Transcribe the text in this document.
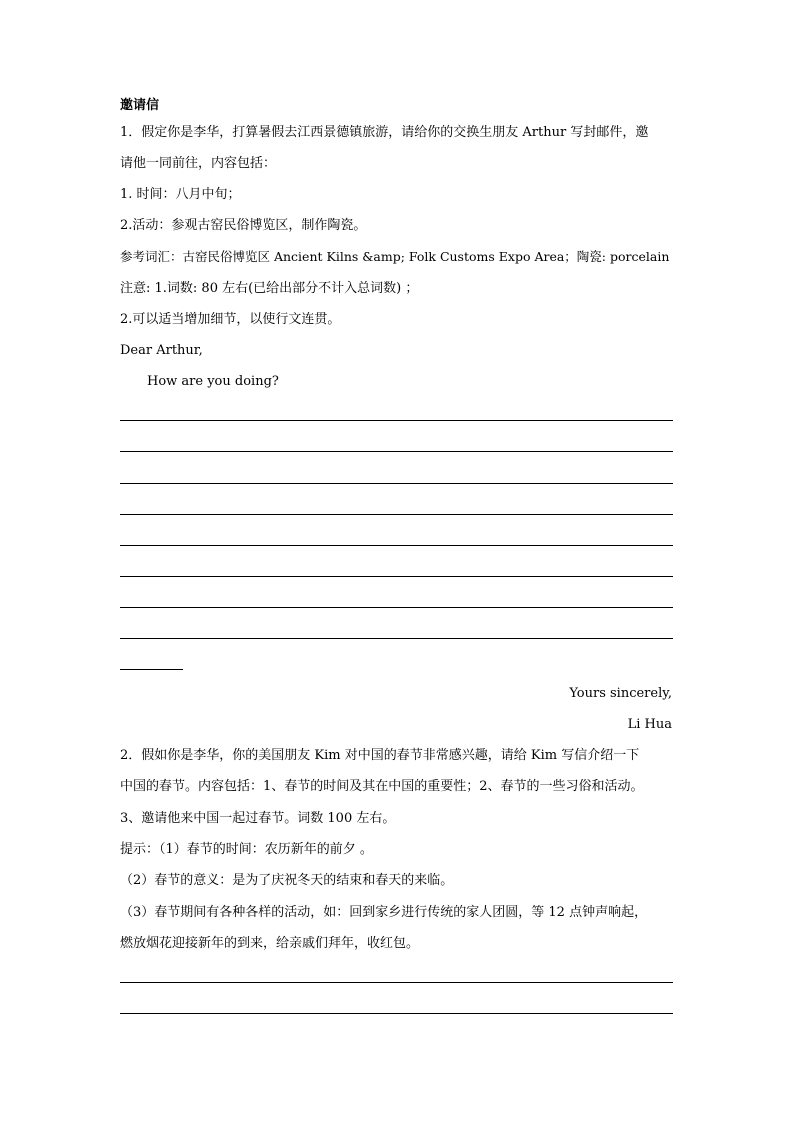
邀请信
1．假定你是李华，打算暑假去江西景德镇旅游，请给你的交换生朋友 Arthur 写封邮件，邀
请他一同前往，内容包括：
1. 时间：八月中旬；
2.活动：参观古窑民俗博览区，制作陶瓷。
参考词汇：古窑民俗博览区 Ancient Kilns &amp; Folk Customs Expo Area；陶瓷: porcelain
注意: 1.词数: 80 左右(已给出部分不计入总词数) ；
2.可以适当增加细节，以使行文连贯。
Dear Arthur,
How are you doing?
Yours sincerely,
Li Hua
2．假如你是李华，你的美国朋友 Kim 对中国的春节非常感兴趣，请给 Kim 写信介绍一下
中国的春节。内容包括：1、春节的时间及其在中国的重要性；2、春节的一些习俗和活动。
3、邀请他来中国一起过春节。词数 100 左右。
提示：（1）春节的时间：农历新年的前夕 。
（2）春节的意义：是为了庆祝冬天的结束和春天的来临。
（3）春节期间有各种各样的活动，如：回到家乡进行传统的家人团圆，等 12 点钟声响起，
燃放烟花迎接新年的到来，给亲戚们拜年，收红包。
